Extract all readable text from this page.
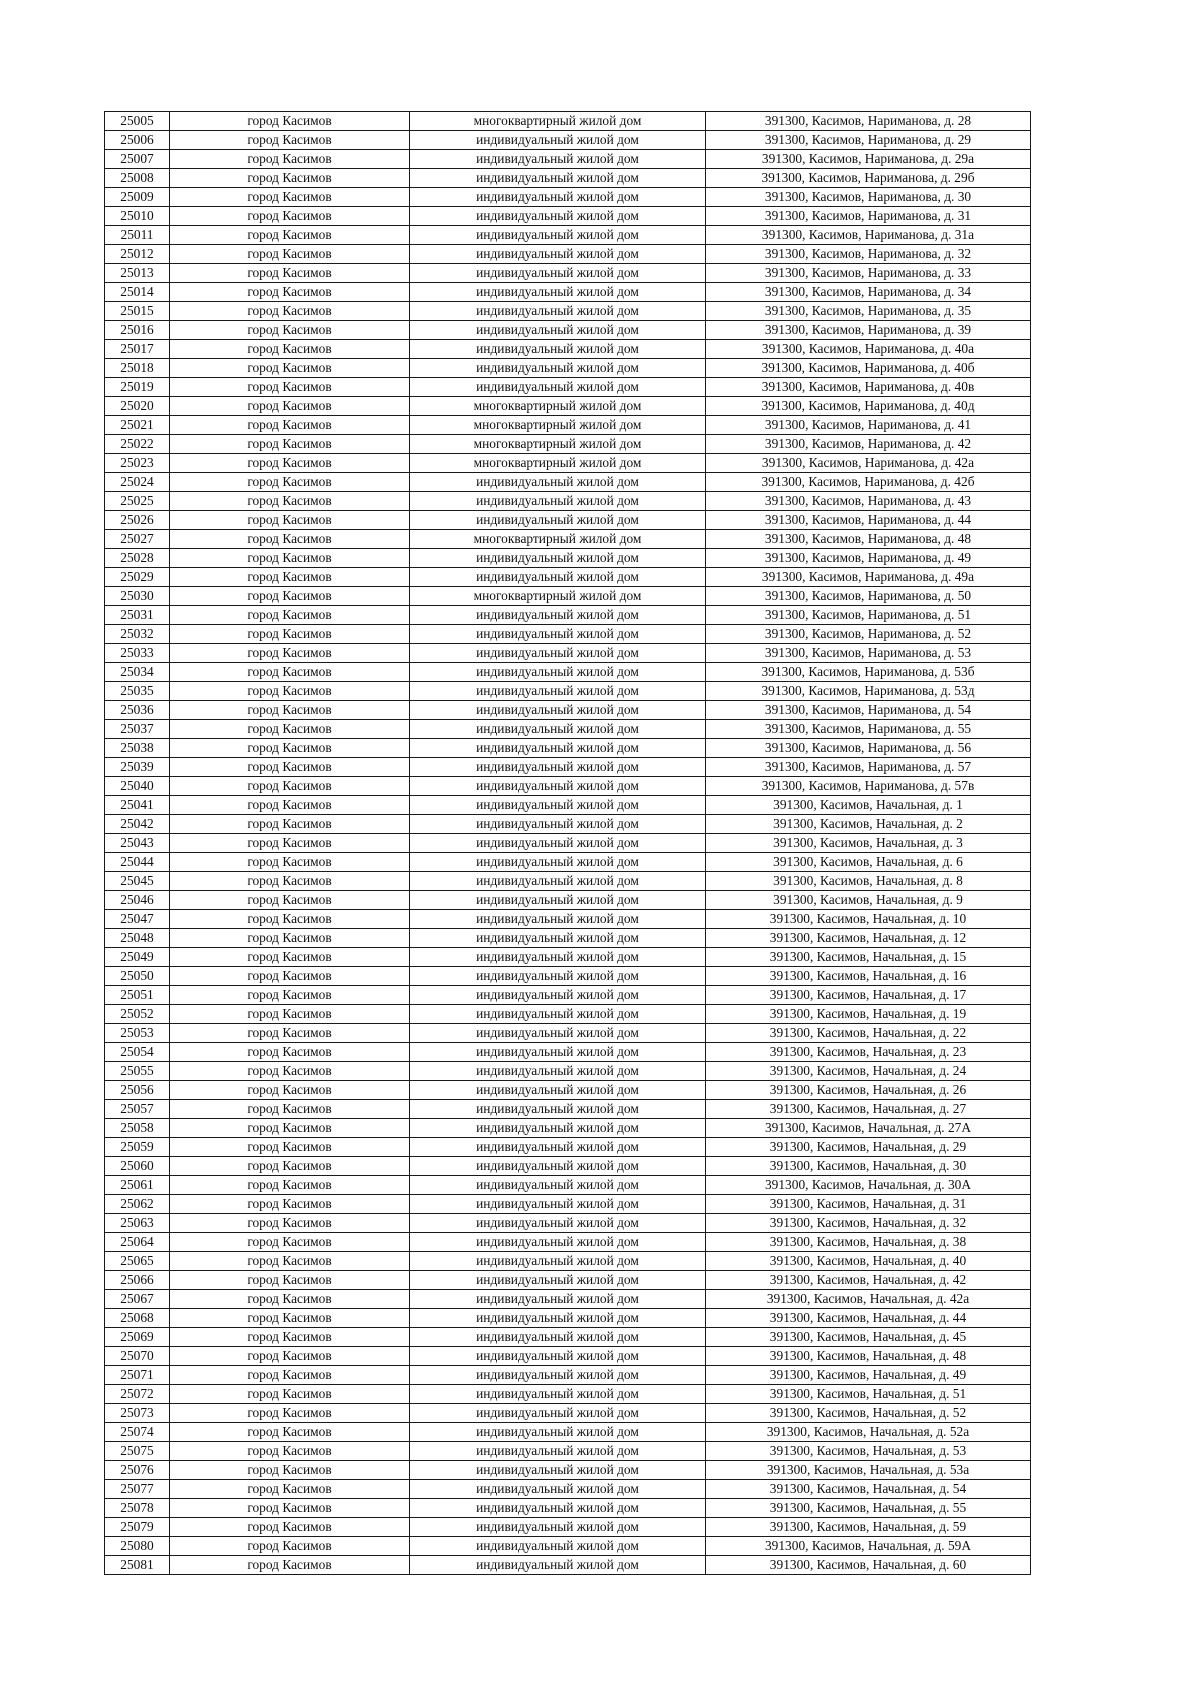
25005	город Касимов	многоквартирный жилой дом	391300, Касимов, Нариманова, д. 28
25006	город Касимов	индивидуальный жилой дом	391300, Касимов, Нариманова, д. 29
25007	город Касимов	индивидуальный жилой дом	391300, Касимов, Нариманова, д. 29а
25008	город Касимов	индивидуальный жилой дом	391300, Касимов, Нариманова, д. 29б
25009	город Касимов	индивидуальный жилой дом	391300, Касимов, Нариманова, д. 30
25010	город Касимов	индивидуальный жилой дом	391300, Касимов, Нариманова, д. 31
25011	город Касимов	индивидуальный жилой дом	391300, Касимов, Нариманова, д. 31а
25012	город Касимов	индивидуальный жилой дом	391300, Касимов, Нариманова, д. 32
25013	город Касимов	индивидуальный жилой дом	391300, Касимов, Нариманова, д. 33
25014	город Касимов	индивидуальный жилой дом	391300, Касимов, Нариманова, д. 34
25015	город Касимов	индивидуальный жилой дом	391300, Касимов, Нариманова, д. 35
25016	город Касимов	индивидуальный жилой дом	391300, Касимов, Нариманова, д. 39
25017	город Касимов	индивидуальный жилой дом	391300, Касимов, Нариманова, д. 40а
25018	город Касимов	индивидуальный жилой дом	391300, Касимов, Нариманова, д. 40б
25019	город Касимов	индивидуальный жилой дом	391300, Касимов, Нариманова, д. 40в
25020	город Касимов	многоквартирный жилой дом	391300, Касимов, Нариманова, д. 40д
25021	город Касимов	многоквартирный жилой дом	391300, Касимов, Нариманова, д. 41
25022	город Касимов	многоквартирный жилой дом	391300, Касимов, Нариманова, д. 42
25023	город Касимов	многоквартирный жилой дом	391300, Касимов, Нариманова, д. 42а
25024	город Касимов	индивидуальный жилой дом	391300, Касимов, Нариманова, д. 42б
25025	город Касимов	индивидуальный жилой дом	391300, Касимов, Нариманова, д. 43
25026	город Касимов	индивидуальный жилой дом	391300, Касимов, Нариманова, д. 44
25027	город Касимов	многоквартирный жилой дом	391300, Касимов, Нариманова, д. 48
25028	город Касимов	индивидуальный жилой дом	391300, Касимов, Нариманова, д. 49
25029	город Касимов	индивидуальный жилой дом	391300, Касимов, Нариманова, д. 49а
25030	город Касимов	многоквартирный жилой дом	391300, Касимов, Нариманова, д. 50
25031	город Касимов	индивидуальный жилой дом	391300, Касимов, Нариманова, д. 51
25032	город Касимов	индивидуальный жилой дом	391300, Касимов, Нариманова, д. 52
25033	город Касимов	индивидуальный жилой дом	391300, Касимов, Нариманова, д. 53
25034	город Касимов	индивидуальный жилой дом	391300, Касимов, Нариманова, д. 53б
25035	город Касимов	индивидуальный жилой дом	391300, Касимов, Нариманова, д. 53д
25036	город Касимов	индивидуальный жилой дом	391300, Касимов, Нариманова, д. 54
25037	город Касимов	индивидуальный жилой дом	391300, Касимов, Нариманова, д. 55
25038	город Касимов	индивидуальный жилой дом	391300, Касимов, Нариманова, д. 56
25039	город Касимов	индивидуальный жилой дом	391300, Касимов, Нариманова, д. 57
25040	город Касимов	индивидуальный жилой дом	391300, Касимов, Нариманова, д. 57в
25041	город Касимов	индивидуальный жилой дом	391300, Касимов, Начальная, д. 1
25042	город Касимов	индивидуальный жилой дом	391300, Касимов, Начальная, д. 2
25043	город Касимов	индивидуальный жилой дом	391300, Касимов, Начальная, д. 3
25044	город Касимов	индивидуальный жилой дом	391300, Касимов, Начальная, д. 6
25045	город Касимов	индивидуальный жилой дом	391300, Касимов, Начальная, д. 8
25046	город Касимов	индивидуальный жилой дом	391300, Касимов, Начальная, д. 9
25047	город Касимов	индивидуальный жилой дом	391300, Касимов, Начальная, д. 10
25048	город Касимов	индивидуальный жилой дом	391300, Касимов, Начальная, д. 12
25049	город Касимов	индивидуальный жилой дом	391300, Касимов, Начальная, д. 15
25050	город Касимов	индивидуальный жилой дом	391300, Касимов, Начальная, д. 16
25051	город Касимов	индивидуальный жилой дом	391300, Касимов, Начальная, д. 17
25052	город Касимов	индивидуальный жилой дом	391300, Касимов, Начальная, д. 19
25053	город Касимов	индивидуальный жилой дом	391300, Касимов, Начальная, д. 22
25054	город Касимов	индивидуальный жилой дом	391300, Касимов, Начальная, д. 23
25055	город Касимов	индивидуальный жилой дом	391300, Касимов, Начальная, д. 24
25056	город Касимов	индивидуальный жилой дом	391300, Касимов, Начальная, д. 26
25057	город Касимов	индивидуальный жилой дом	391300, Касимов, Начальная, д. 27
25058	город Касимов	индивидуальный жилой дом	391300, Касимов, Начальная, д. 27А
25059	город Касимов	индивидуальный жилой дом	391300, Касимов, Начальная, д. 29
25060	город Касимов	индивидуальный жилой дом	391300, Касимов, Начальная, д. 30
25061	город Касимов	индивидуальный жилой дом	391300, Касимов, Начальная, д. 30А
25062	город Касимов	индивидуальный жилой дом	391300, Касимов, Начальная, д. 31
25063	город Касимов	индивидуальный жилой дом	391300, Касимов, Начальная, д. 32
25064	город Касимов	индивидуальный жилой дом	391300, Касимов, Начальная, д. 38
25065	город Касимов	индивидуальный жилой дом	391300, Касимов, Начальная, д. 40
25066	город Касимов	индивидуальный жилой дом	391300, Касимов, Начальная, д. 42
25067	город Касимов	индивидуальный жилой дом	391300, Касимов, Начальная, д. 42а
25068	город Касимов	индивидуальный жилой дом	391300, Касимов, Начальная, д. 44
25069	город Касимов	индивидуальный жилой дом	391300, Касимов, Начальная, д. 45
25070	город Касимов	индивидуальный жилой дом	391300, Касимов, Начальная, д. 48
25071	город Касимов	индивидуальный жилой дом	391300, Касимов, Начальная, д. 49
25072	город Касимов	индивидуальный жилой дом	391300, Касимов, Начальная, д. 51
25073	город Касимов	индивидуальный жилой дом	391300, Касимов, Начальная, д. 52
25074	город Касимов	индивидуальный жилой дом	391300, Касимов, Начальная, д. 52а
25075	город Касимов	индивидуальный жилой дом	391300, Касимов, Начальная, д. 53
25076	город Касимов	индивидуальный жилой дом	391300, Касимов, Начальная, д. 53а
25077	город Касимов	индивидуальный жилой дом	391300, Касимов, Начальная, д. 54
25078	город Касимов	индивидуальный жилой дом	391300, Касимов, Начальная, д. 55
25079	город Касимов	индивидуальный жилой дом	391300, Касимов, Начальная, д. 59
25080	город Касимов	индивидуальный жилой дом	391300, Касимов, Начальная, д. 59А
25081	город Касимов	индивидуальный жилой дом	391300, Касимов, Начальная, д. 60
